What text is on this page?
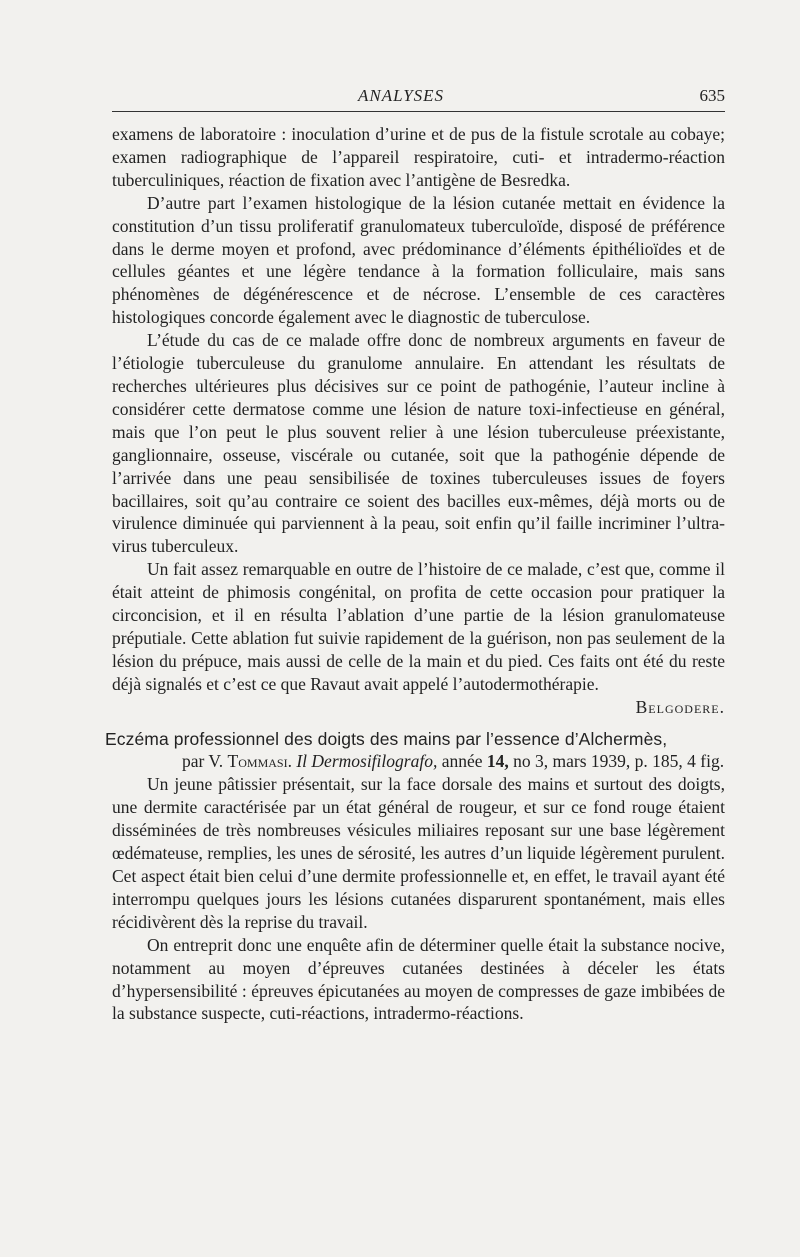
ANALYSES	635

examens de laboratoire : inoculation d’urine et de pus de la fistule scrotale au cobaye; examen radiographique de l’appareil respiratoire, cuti- et intradermo-réaction tuberculiniques, réaction de fixation avec l’antigène de Besredka.

D’autre part l’examen histologique de la lésion cutanée mettait en évidence la constitution d’un tissu proliferatif granulomateux tuberculoïde, disposé de préférence dans le derme moyen et profond, avec prédominance d’éléments épithélioïdes et de cellules géantes et une légère tendance à la formation folliculaire, mais sans phénomènes de dégénérescence et de nécrose. L’ensemble de ces caractères histologiques concorde également avec le diagnostic de tuberculose.

L’étude du cas de ce malade offre donc de nombreux arguments en faveur de l’étiologie tuberculeuse du granulome annulaire. En attendant les résultats de recherches ultérieures plus décisives sur ce point de pathogénie, l’auteur incline à considérer cette dermatose comme une lésion de nature toxi-infectieuse en général, mais que l’on peut le plus souvent relier à une lésion tuberculeuse préexistante, ganglionnaire, osseuse, viscérale ou cutanée, soit que la pathogénie dépende de l’arrivée dans une peau sensibilisée de toxines tuberculeuses issues de foyers bacillaires, soit qu’au contraire ce soient des bacilles eux-mêmes, déjà morts ou de virulence diminuée qui parviennent à la peau, soit enfin qu’il faille incriminer l’ultra-virus tuberculeux.

Un fait assez remarquable en outre de l’histoire de ce malade, c’est que, comme il était atteint de phimosis congénital, on profita de cette occasion pour pratiquer la circoncision, et il en résulta l’ablation d’une partie de la lésion granulomateuse préputiale. Cette ablation fut suivie rapidement de la guérison, non pas seulement de la lésion du prépuce, mais aussi de celle de la main et du pied. Ces faits ont été du reste déjà signalés et c’est ce que Ravaut avait appelé l’autodermothérapie.

Belgodere.

Eczéma professionnel des doigts des mains par l’essence d’Alchermès,

par V. Tommasi. Il Dermosifilografo, année 14, no 3, mars 1939, p. 185, 4 fig.

Un jeune pâtissier présentait, sur la face dorsale des mains et surtout des doigts, une dermite caractérisée par un état général de rougeur, et sur ce fond rouge étaient disséminées de très nombreuses vésicules miliaires reposant sur une base légèrement œdémateuse, remplies, les unes de sérosité, les autres d’un liquide légèrement purulent. Cet aspect était bien celui d’une dermite professionnelle et, en effet, le travail ayant été interrompu quelques jours les lésions cutanées disparurent spontanément, mais elles récidivèrent dès la reprise du travail.

On entreprit donc une enquête afin de déterminer quelle était la substance nocive, notamment au moyen d’épreuves cutanées destinées à déceler les états d’hypersensibilité : épreuves épicutanées au moyen de compresses de gaze imbibées de la substance suspecte, cuti-réactions, intradermo-réactions.
